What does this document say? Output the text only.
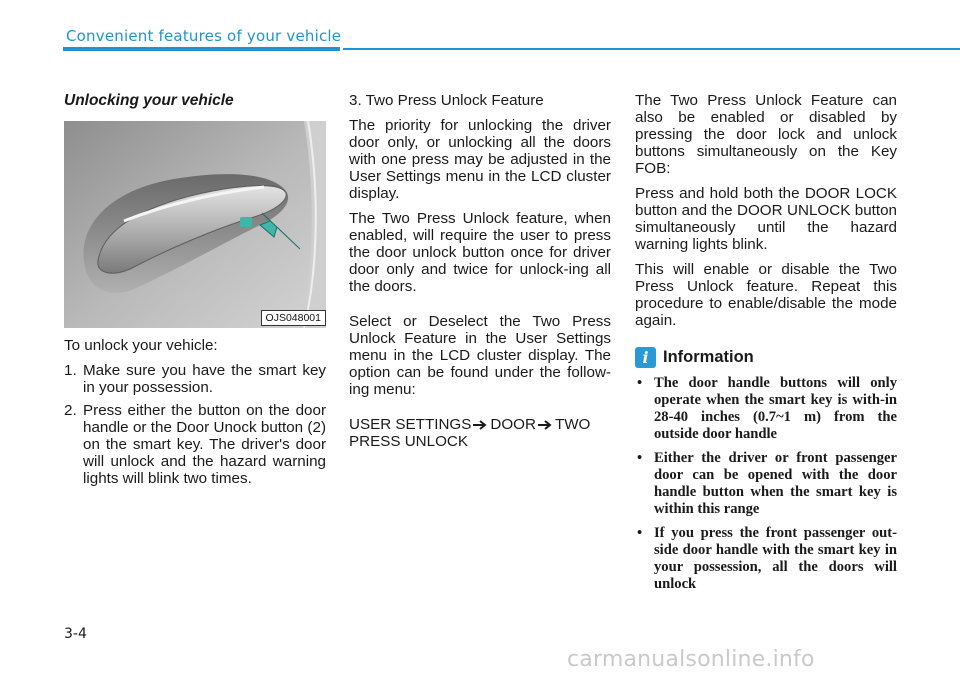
Convenient features of your vehicle
Unlocking your vehicle
OJS048001

To unlock your vehicle:

1. Make sure you have the smart key in your possession.
2. Press either the button on the door handle or the Door Unock button (2) on the smart key. The driver's door will unlock and the hazard warning lights will blink two times.

3. Two Press Unlock Feature

The priority for unlocking the driver door only, or unlocking all the doors with one press may be adjusted in the User Settings menu in the LCD cluster display.

The Two Press Unlock feature, when enabled, will require the user to press the door unlock button once for driver door only and twice for unlock-ing all the doors.

Select or Deselect the Two Press Unlock Feature in the User Settings menu in the LCD cluster display. The option can be found under the follow-ing menu:

USER SETTINGS DOOR TWO PRESS UNLOCK

The Two Press Unlock Feature can also be enabled or disabled by pressing the door lock and unlock buttons simultaneously on the Key FOB:

Press and hold both the DOOR LOCK button and the DOOR UNLOCK button simultaneously until the hazard warning lights blink.

This will enable or disable the Two Press Unlock feature. Repeat this procedure to enable/disable the mode again.

i Information
• The door handle buttons will only operate when the smart key is with-in 28-40 inches (0.7~1 m) from the outside door handle
• Either the driver or front passenger door can be opened with the door handle button when the smart key is within this range
• If you press the front passenger out-side door handle with the smart key in your possession, all the doors will unlock
3-4
carmanualsonline.info
